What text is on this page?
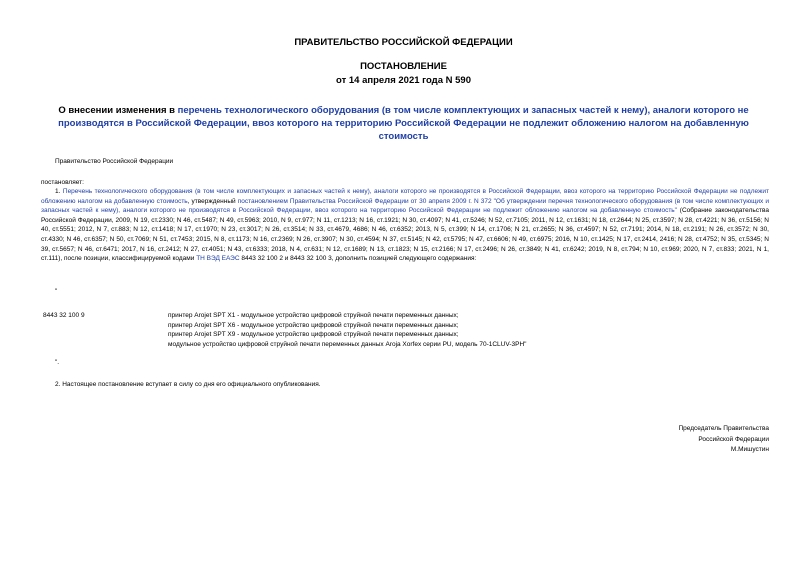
ПРАВИТЕЛЬСТВО РОССИЙСКОЙ ФЕДЕРАЦИИ
ПОСТАНОВЛЕНИЕ
от 14 апреля 2021 года N 590
О внесении изменения в перечень технологического оборудования (в том числе комплектующих и запасных частей к нему), аналоги которого не производятся в Российской Федерации, ввоз которого на территорию Российской Федерации не подлежит обложению налогом на добавленную стоимость
Правительство Российской Федерации
постановляет:
1. Перечень технологического оборудования (в том числе комплектующих и запасных частей к нему), аналоги которого не производятся в Российской Федерации, ввоз которого на территорию Российской Федерации не подлежит обложению налогом на добавленную стоимость, утвержденный постановлением Правительства Российской Федерации от 30 апреля 2009 г. N 372 "Об утверждении перечня технологического оборудования (в том числе комплектующих и запасных частей к нему), аналоги которого не производятся в Российской Федерации, ввоз которого на территорию Российской Федерации не подлежит обложению налогом на добавленную стоимость" (Собрание законодательства Российской Федерации, 2009, N 19, ст.2330; N 46, ст.5487; N 49, ст.5963; 2010, N 9, ст.977; N 11, ст.1213; N 16, ст.1921; N 30, ст.4097; N 41, ст.5246; N 52, ст.7105; 2011, N 12, ст.1631; N 18, ст.2644; N 25, ст.3597; N 28, ст.4221; N 36, ст.5156; N 40, ст.5551; 2012, N 7, ст.883; N 12, ст.1418; N 17, ст.1970; N 23, ст.3017; N 26, ст.3514; N 33, ст.4679, 4686; N 46, ст.6352; 2013, N 5, ст.399; N 14, ст.1706; N 21, ст.2655; N 36, ст.4597; N 52, ст.7191; 2014, N 18, ст.2191; N 26, ст.3572; N 30, ст.4330; N 46, ст.6357; N 50, ст.7069; N 51, ст.7453; 2015, N 8, ст.1173; N 16, ст.2369; N 26, ст.3907; N 30, ст.4594; N 37, ст.5145; N 42, ст.5795; N 47, ст.6606; N 49, ст.6975; 2016, N 10, ст.1425; N 17, ст.2414, 2416; N 28, ст.4752; N 35, ст.5345; N 39, ст.5657; N 46, ст.6471; 2017, N 16, ст.2412; N 27, ст.4051; N 43, ст.6333; 2018, N 4, ст.631; N 12, ст.1689; N 13, ст.1823; N 15, ст.2166; N 17, ст.2496; N 26, ст.3849; N 41, ст.6242; 2019, N 8, ст.794; N 10, ст.969; 2020, N 7, ст.833; 2021, N 1, ст.111), после позиции, классифицируемой кодами ТН ВЭД ЕАЭС 8443 32 100 2 и 8443 32 100 3, дополнить позицией следующего содержания:
"
8443 32 100 9	принтер Arojet SPT X1 - модульное устройство цифровой струйной печати переменных данных;
принтер Arojet SPT X6 - модульное устройство цифровой струйной печати переменных данных;
принтер Arojet SPT X9 - модульное устройство цифровой струйной печати переменных данных;
модульное устройство цифровой струйной печати переменных данных Aroja Xorfex серии PU, модель 70-1CLUV-3PH"
".
2. Настоящее постановление вступает в силу со дня его официального опубликования.
Председатель Правительства
Российской Федерации
М.Мишустин
